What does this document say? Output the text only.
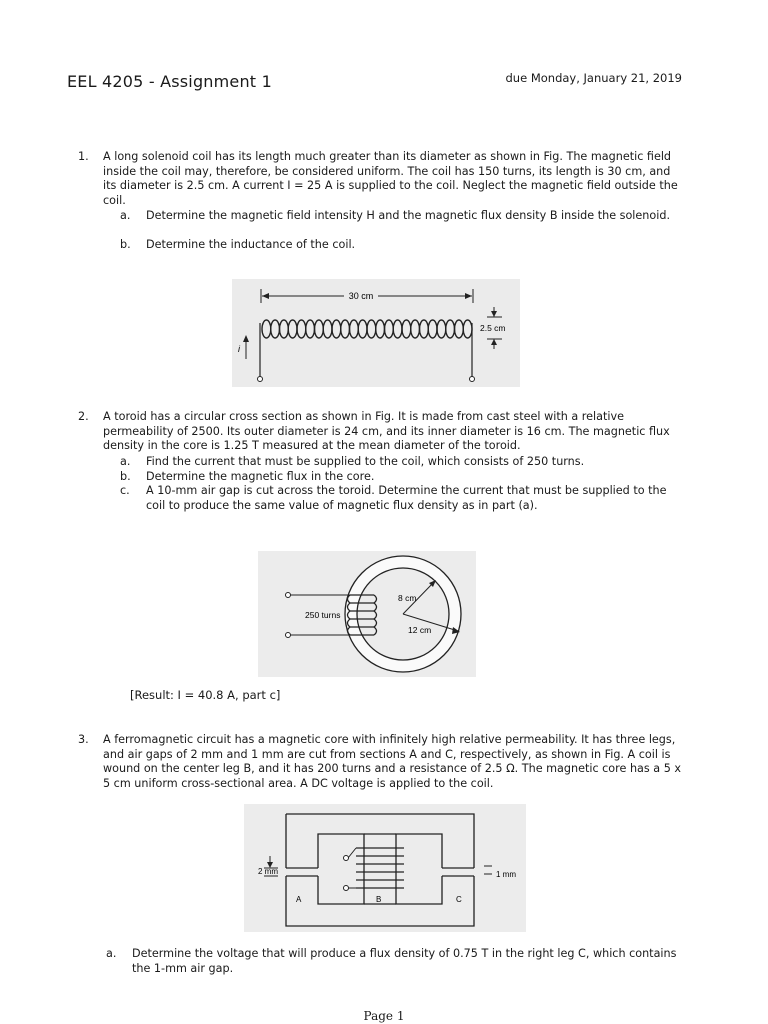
EEL 4205 - Assignment 1	due Monday, January 21, 2019
1. A long solenoid coil has its length much greater than its diameter as shown in Fig. The magnetic field inside the coil may, therefore, be considered uniform. The coil has 150 turns, its length is 30 cm, and its diameter is 2.5 cm. A current I = 25 A is supplied to the coil. Neglect the magnetic field outside the coil.
a. Determine the magnetic field intensity H and the magnetic flux density B inside the solenoid.
b. Determine the inductance of the coil.
30 cm
i
2.5 cm
2. A toroid has a circular cross section as shown in Fig. It is made from cast steel with a relative permeability of 2500. Its outer diameter is 24 cm, and its inner diameter is 16 cm. The magnetic flux density in the core is 1.25 T measured at the mean diameter of the toroid.
a. Find the current that must be supplied to the coil, which consists of 250 turns.
b. Determine the magnetic flux in the core.
c. A 10-mm air gap is cut across the toroid. Determine the current that must be supplied to the coil to produce the same value of magnetic flux density as in part (a).
8 cm
12 cm
250 turns
[Result: I = 40.8 A, part c]
3. A ferromagnetic circuit has a magnetic core with infinitely high relative permeability. It has three legs, and air gaps of 2 mm and 1 mm are cut from sections A and C, respectively, as shown in Fig. A coil is wound on the center leg B, and it has 200 turns and a resistance of 2.5 Ω. The magnetic core has a 5 x 5 cm uniform cross-sectional area. A DC voltage is applied to the coil.
2 mm	1 mm
A	B	C
a. Determine the voltage that will produce a flux density of 0.75 T in the right leg C, which contains the 1-mm air gap.
Page 1
